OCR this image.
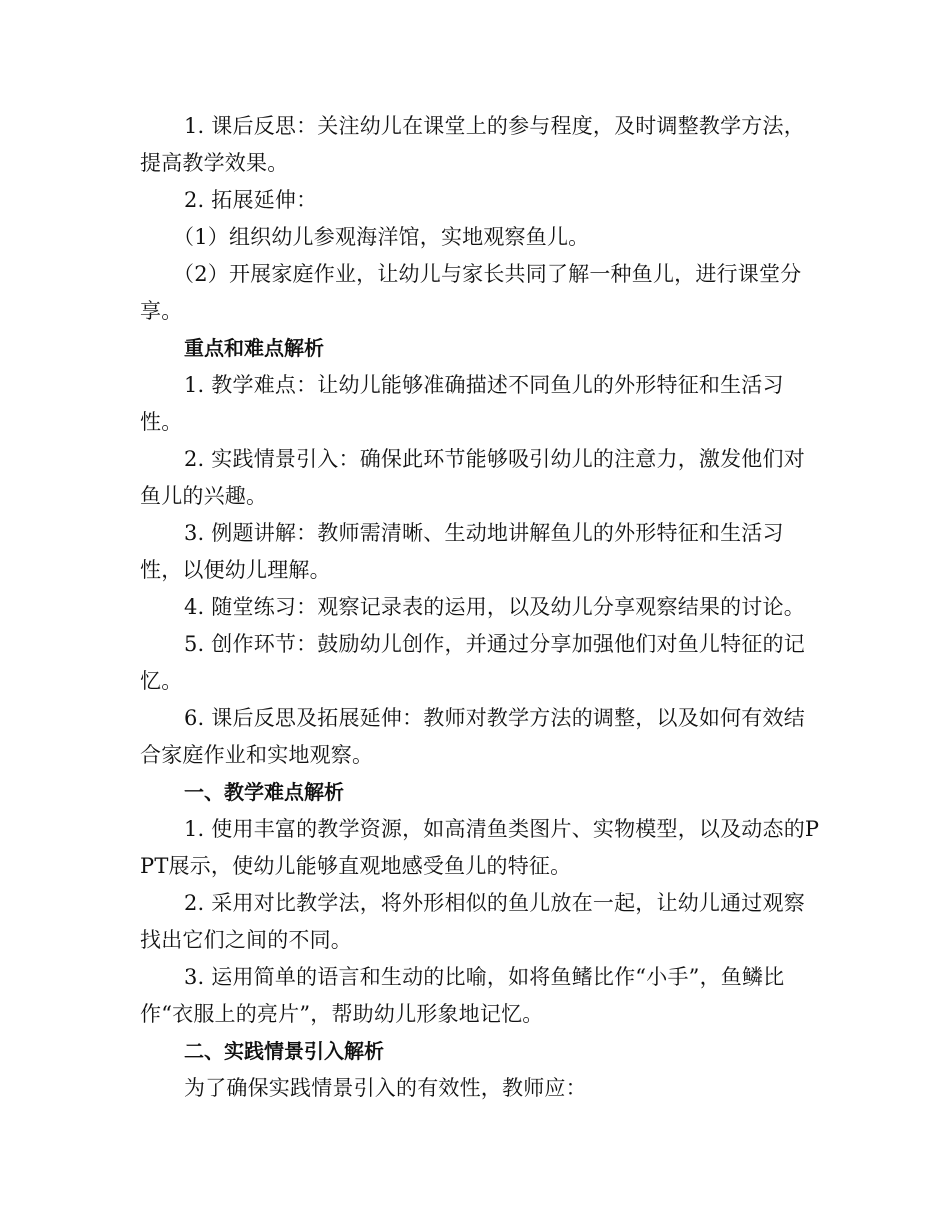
1. 课后反思：关注幼儿在课堂上的参与程度，及时调整教学方法，提高教学效果。

2. 拓展延伸：

（1）组织幼儿参观海洋馆，实地观察鱼儿。

（2）开展家庭作业，让幼儿与家长共同了解一种鱼儿，进行课堂分享。

重点和难点解析

1. 教学难点：让幼儿能够准确描述不同鱼儿的外形特征和生活习性。

2. 实践情景引入：确保此环节能够吸引幼儿的注意力，激发他们对鱼儿的兴趣。

3. 例题讲解：教师需清晰、生动地讲解鱼儿的外形特征和生活习性，以便幼儿理解。

4. 随堂练习：观察记录表的运用，以及幼儿分享观察结果的讨论。

5. 创作环节：鼓励幼儿创作，并通过分享加强他们对鱼儿特征的记忆。

6. 课后反思及拓展延伸：教师对教学方法的调整，以及如何有效结合家庭作业和实地观察。

一、教学难点解析

1. 使用丰富的教学资源，如高清鱼类图片、实物模型，以及动态的PPT展示，使幼儿能够直观地感受鱼儿的特征。

2. 采用对比教学法，将外形相似的鱼儿放在一起，让幼儿通过观察找出它们之间的不同。

3. 运用简单的语言和生动的比喻，如将鱼鳍比作“小手”，鱼鳞比作“衣服上的亮片”，帮助幼儿形象地记忆。

二、实践情景引入解析

为了确保实践情景引入的有效性，教师应：
